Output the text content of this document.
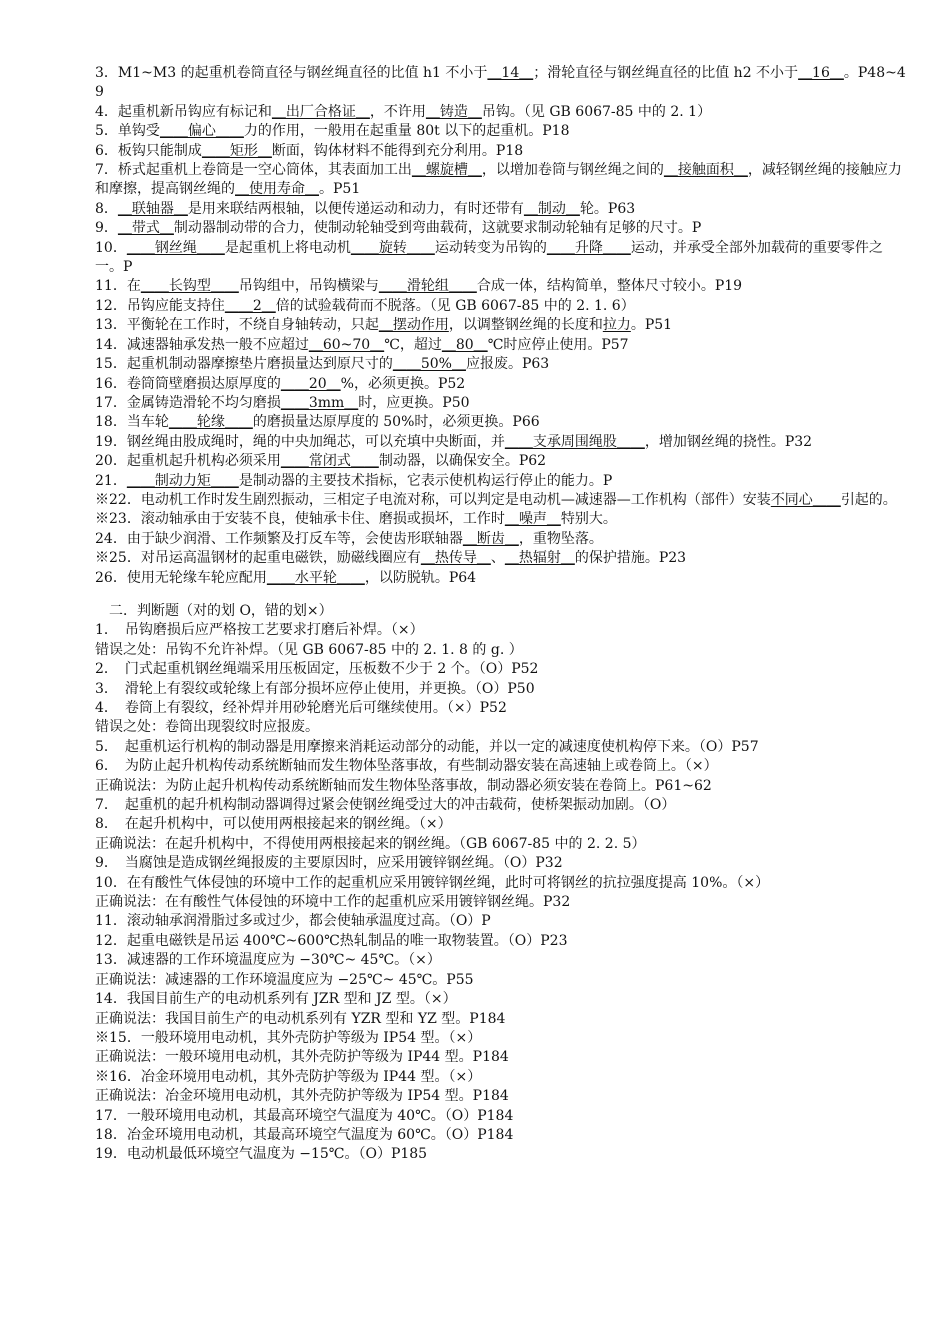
3．M1~M3 的起重机卷筒直径与钢丝绳直径的比值 h1 不小于＿14＿；滑轮直径与钢丝绳直径的比值 h2 不小于＿16＿。P48~49

4．起重机新吊钩应有标记和＿出厂合格证＿，不许用＿铸造＿吊钩。（见 GB 6067-85 中的 2. 1）

5．单钩受＿＿偏心＿＿力的作用，一般用在起重量 80t 以下的起重机。P18

6．板钩只能制成＿＿矩形＿断面，钩体材料不能得到充分利用。P18

7．桥式起重机上卷筒是一空心筒体，其表面加工出＿螺旋槽＿，以增加卷筒与钢丝绳之间的＿接触面积＿，减轻钢丝绳的接触应力和摩擦，提高钢丝绳的＿使用寿命＿。P51

8．＿联轴器＿是用来联结两根轴，以便传递运动和动力，有时还带有＿制动＿轮。P63

9．＿带式＿制动器制动带的合力，使制动轮轴受到弯曲载荷，这就要求制动轮轴有足够的尺寸。P

10．＿＿钢丝绳＿＿是起重机上将电动机＿＿旋转＿＿运动转变为吊钩的＿＿升降＿＿运动，并承受全部外加载荷的重要零件之一。P

11．在＿＿长钩型＿＿吊钩组中，吊钩横梁与＿＿滑轮组＿＿合成一体，结构简单，整体尺寸较小。P19

12．吊钩应能支持住＿＿2＿倍的试验载荷而不脱落。（见 GB 6067-85 中的 2. 1. 6）

13．平衡轮在工作时，不绕自身轴转动，只起＿摆动作用，以调整钢丝绳的长度和拉力。P51

14．减速器轴承发热一般不应超过＿60~70＿℃，超过＿80＿℃时应停止使用。P57

15．起重机制动器摩擦垫片磨损量达到原尺寸的＿＿50%＿应报废。P63

16．卷筒筒壁磨损达原厚度的＿＿20＿%，必须更换。P52

17．金属铸造滑轮不均匀磨损＿＿3mm＿时，应更换。P50

18．当车轮＿＿轮缘＿＿的磨损量达原厚度的 50%时，必须更换。P66

19．钢丝绳由股成绳时，绳的中央加绳芯，可以充填中央断面，并＿＿支承周围绳股＿＿，增加钢丝绳的挠性。P32

20．起重机起升机构必须采用＿＿常闭式＿＿制动器，以确保安全。P62

21．＿＿制动力矩＿＿是制动器的主要技术指标，它表示使机构运行停止的能力。P

※22．电动机工作时发生剧烈振动，三相定子电流对称，可以判定是电动机—减速器—工作机构（部件）安装不同心＿＿引起的。

※23．滚动轴承由于安装不良，使轴承卡住、磨损或损坏，工作时＿噪声＿特别大。

24．由于缺少润滑、工作频繁及打反车等，会使齿形联轴器＿断齿＿，重物坠落。

※25．对吊运高温钢材的起重电磁铁，励磁线圈应有＿热传导＿、＿热辐射＿的保护措施。P23

26．使用无轮缘车轮应配用＿＿水平轮＿＿，以防脱轨。P64

二．判断题（对的划 O，错的划×）

1．　吊钩磨损后应严格按工艺要求打磨后补焊。（×）

错误之处：吊钩不允许补焊。（见 GB 6067-85 中的 2. 1. 8 的 g. ）

2．　门式起重机钢丝绳端采用压板固定，压板数不少于 2 个。（O）P52

3．　滑轮上有裂纹或轮缘上有部分损坏应停止使用，并更换。（O）P50

4．　卷筒上有裂纹，经补焊并用砂轮磨光后可继续使用。（×）P52

错误之处：卷筒出现裂纹时应报废。

5．　起重机运行机构的制动器是用摩擦来消耗运动部分的动能，并以一定的减速度使机构停下来。（O）P57

6．　为防止起升机构传动系统断轴而发生物体坠落事故，有些制动器安装在高速轴上或卷筒上。（×）

正确说法：为防止起升机构传动系统断轴而发生物体坠落事故，制动器必须安装在卷筒上。P61~62

7．　起重机的起升机构制动器调得过紧会使钢丝绳受过大的冲击载荷，使桥架振动加剧。（O）

8．　在起升机构中，可以使用两根接起来的钢丝绳。（×）

正确说法：在起升机构中，不得使用两根接起来的钢丝绳。（GB 6067-85 中的 2. 2. 5）

9．　当腐蚀是造成钢丝绳报废的主要原因时，应采用镀锌钢丝绳。（O）P32

10．在有酸性气体侵蚀的环境中工作的起重机应采用镀锌钢丝绳，此时可将钢丝的抗拉强度提高 10%。（×）

正确说法：在有酸性气体侵蚀的环境中工作的起重机应采用镀锌钢丝绳。P32

11．滚动轴承润滑脂过多或过少，都会使轴承温度过高。（O）P

12．起重电磁铁是吊运 400℃~600℃热轧制品的唯一取物装置。（O）P23

13．减速器的工作环境温度应为 −30℃~ 45℃。（×）

正确说法：减速器的工作环境温度应为 −25℃~ 45℃。P55

14．我国目前生产的电动机系列有 JZR 型和 JZ 型。（×）

正确说法：我国目前生产的电动机系列有 YZR 型和 YZ 型。P184

※15．一般环境用电动机，其外壳防护等级为 IP54 型。（×）

正确说法：一般环境用电动机，其外壳防护等级为 IP44 型。P184

※16．冶金环境用电动机，其外壳防护等级为 IP44 型。（×）

正确说法：冶金环境用电动机，其外壳防护等级为 IP54 型。P184

17．一般环境用电动机，其最高环境空气温度为 40℃。（O）P184

18．冶金环境用电动机，其最高环境空气温度为 60℃。（O）P184

19．电动机最低环境空气温度为 −15℃。（O）P185
